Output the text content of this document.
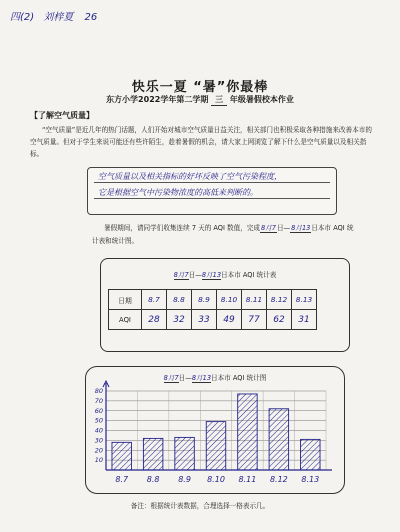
四(2) 刘梓夏 26
快乐一夏 “暑”你最棒
东方小学2022学年第二学期 三 年级暑假校本作业
【了解空气质量】

“空气质量”是近几年的热门话题，人们开始对城市空气质量日益关注，相关部门也积极采取各种措施来改善本市的空气质量。但对于学生来说可能还有些许陌生，趁着暑假的机会，请大家上网浏览了解下什么是空气质量以及相关指标。

空气质量以及相关指标的好坏反映了空气污染程度，
它是根据空气中污染物浓度的高低来判断的。

暑假期间，请同学们收集连续 7 天的 AQI 数值，完成8月7日—8月13日本市 AQI 统计表和统计图。

8月7日—8月13日本市 AQI 统计表
日期	8.7	8.8	8.9	8.10	8.11	8.12	8.13
AQI	28	32	33	49	77	62	31
8月7日—8月13日本市 AQI 统计图
10
20
30
40
50
60
70
80
8.7 8.8 8.9 8.10 8.11 8.12 8.13
备注：根据统计表数据，合理选择一格表示几。
